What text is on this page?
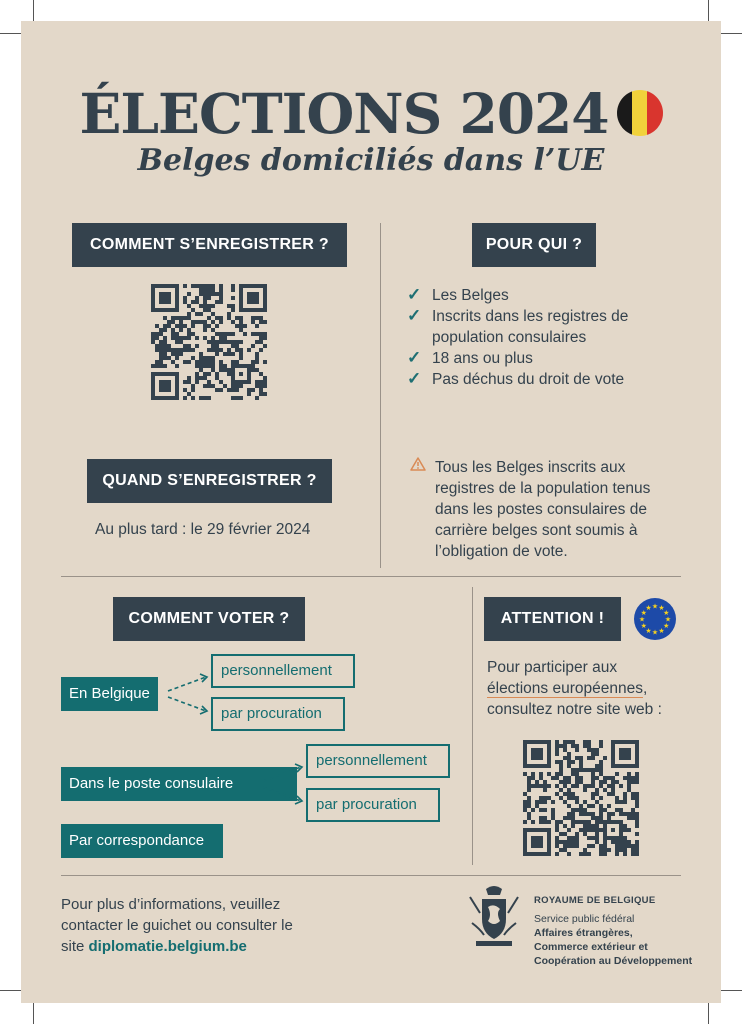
ÉLECTIONS 2024
Belges domiciliés dans l’UE
COMMENT S’ENREGISTRER ?
QUAND S’ENREGISTRER ?
Au plus tard : le 29 février 2024
POUR QUI ?
✓ Les Belges
✓ Inscrits dans les registres de
population consulaires
✓ 18 ans ou plus
✓ Pas déchus du droit de vote
Tous les Belges inscrits aux
registres de la population tenus
dans les postes consulaires de
carrière belges sont soumis à
l’obligation de vote.
COMMENT VOTER ?
En Belgique
personnellement
par procuration
Dans le poste consulaire
personnellement
par procuration
Par correspondance
ATTENTION !	★
★
★
★
★
★
★
★
★ ★ ★
★
Pour participer aux
élections européennes,
consultez notre site web :
Pour plus d’informations, veuillez
contacter le guichet ou consulter le
site diplomatie.belgium.be
ROYAUME DE BELGIQUE
Service public fédéral
Affaires étrangères,
Commerce extérieur et
Coopération au Développement
